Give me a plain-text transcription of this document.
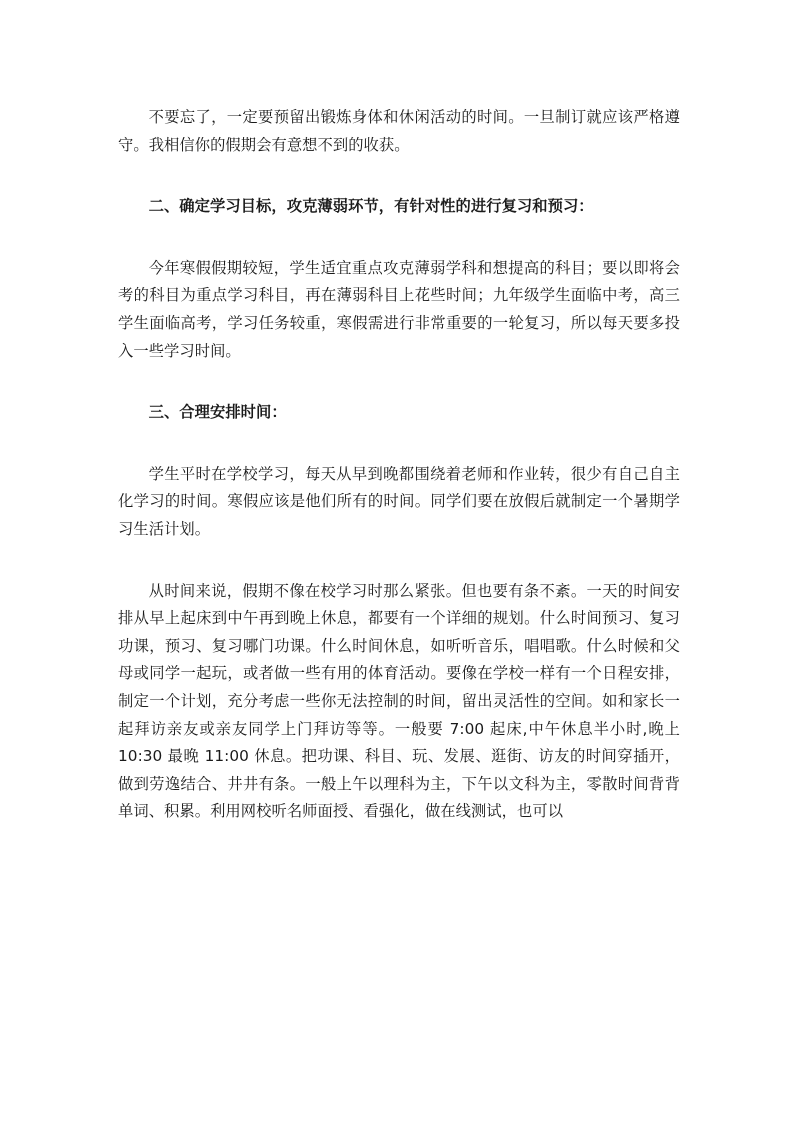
不要忘了，一定要预留出锻炼身体和休闲活动的时间。一旦制订就应该严格遵守。我相信你的假期会有意想不到的收获。

二、确定学习目标，攻克薄弱环节，有针对性的进行复习和预习：

今年寒假假期较短，学生适宜重点攻克薄弱学科和想提高的科目；要以即将会考的科目为重点学习科目，再在薄弱科目上花些时间；九年级学生面临中考，高三学生面临高考，学习任务较重，寒假需进行非常重要的一轮复习，所以每天要多投入一些学习时间。

三、合理安排时间：

学生平时在学校学习，每天从早到晚都围绕着老师和作业转，很少有自己自主化学习的时间。寒假应该是他们所有的时间。同学们要在放假后就制定一个暑期学习生活计划。

从时间来说，假期不像在校学习时那么紧张。但也要有条不紊。一天的时间安排从早上起床到中午再到晚上休息，都要有一个详细的规划。什么时间预习、复习功课，预习、复习哪门功课。什么时间休息，如听听音乐，唱唱歌。什么时候和父母或同学一起玩，或者做一些有用的体育活动。要像在学校一样有一个日程安排，制定一个计划，充分考虑一些你无法控制的时间，留出灵活性的空间。如和家长一起拜访亲友或亲友同学上门拜访等等。一般要 7:00 起床,中午休息半小时,晚上 10:30 最晚 11:00 休息。把功课、科目、玩、发展、逛街、访友的时间穿插开，做到劳逸结合、井井有条。一般上午以理科为主，下午以文科为主，零散时间背背单词、积累。利用网校听名师面授、看强化，做在线测试，也可以
